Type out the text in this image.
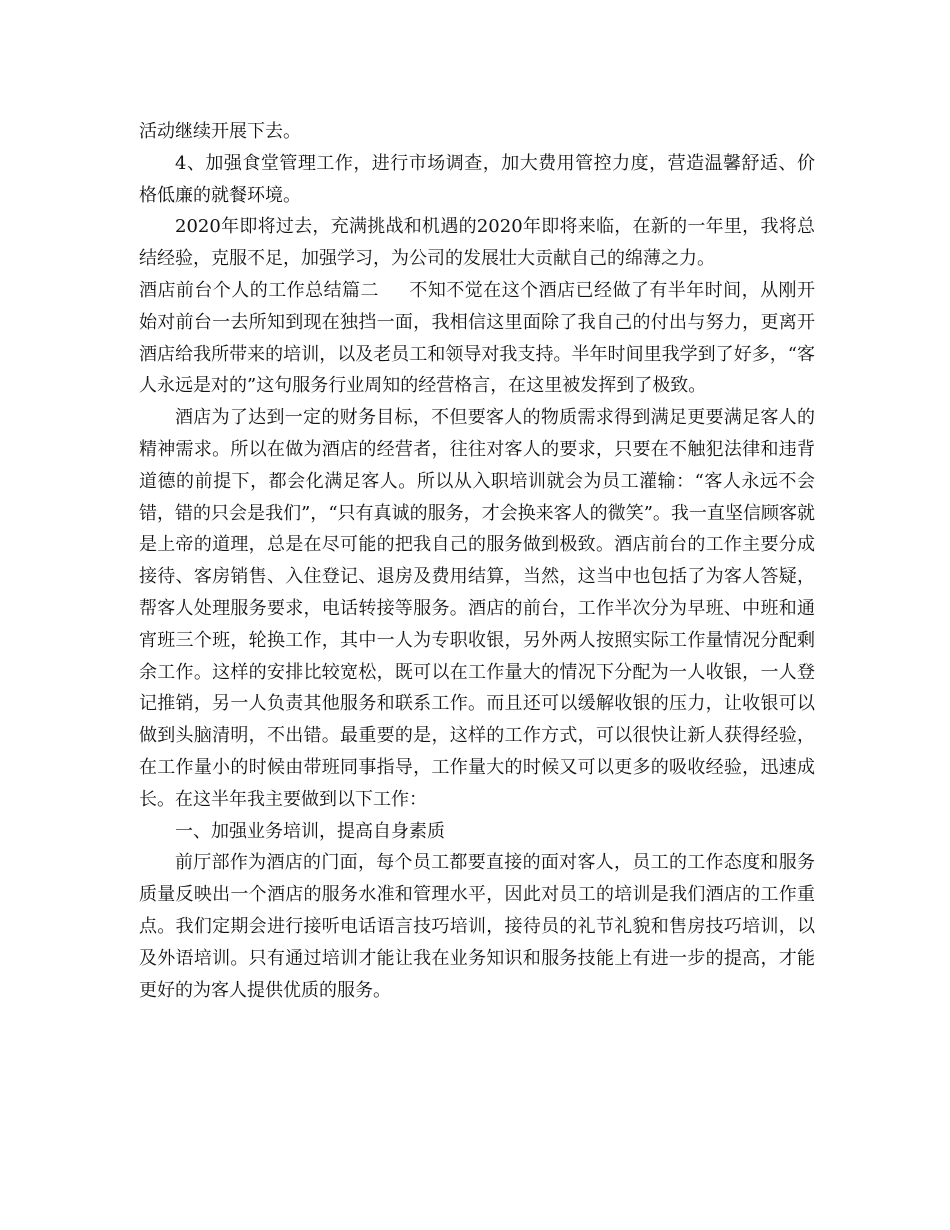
活动继续开展下去。

4、加强食堂管理工作，进行市场调查，加大费用管控力度，营造温馨舒适、价格低廉的就餐环境。

2020年即将过去，充满挑战和机遇的2020年即将来临，在新的一年里，我将总结经验，克服不足，加强学习，为公司的发展壮大贡献自己的绵薄之力。

酒店前台个人的工作总结篇二 不知不觉在这个酒店已经做了有半年时间，从刚开始对前台一去所知到现在独挡一面，我相信这里面除了我自己的付出与努力，更离开酒店给我所带来的培训，以及老员工和领导对我支持。半年时间里我学到了好多，“客人永远是对的”这句服务行业周知的经营格言，在这里被发挥到了极致。

酒店为了达到一定的财务目标，不但要客人的物质需求得到满足更要满足客人的精神需求。所以在做为酒店的经营者，往往对客人的要求，只要在不触犯法律和违背道德的前提下，都会化满足客人。所以从入职培训就会为员工灌输：“客人永远不会错，错的只会是我们”，“只有真诚的服务，才会换来客人的微笑”。我一直坚信顾客就是上帝的道理，总是在尽可能的把我自己的服务做到极致。酒店前台的工作主要分成接待、客房销售、入住登记、退房及费用结算，当然，这当中也包括了为客人答疑，帮客人处理服务要求，电话转接等服务。酒店的前台，工作半次分为早班、中班和通宵班三个班，轮换工作，其中一人为专职收银，另外两人按照实际工作量情况分配剩余工作。这样的安排比较宽松，既可以在工作量大的情况下分配为一人收银，一人登记推销，另一人负责其他服务和联系工作。而且还可以缓解收银的压力，让收银可以做到头脑清明，不出错。最重要的是，这样的工作方式，可以很快让新人获得经验，在工作量小的时候由带班同事指导，工作量大的时候又可以更多的吸收经验，迅速成长。在这半年我主要做到以下工作：

一、加强业务培训，提高自身素质

前厅部作为酒店的门面，每个员工都要直接的面对客人，员工的工作态度和服务质量反映出一个酒店的服务水准和管理水平，因此对员工的培训是我们酒店的工作重点。我们定期会进行接听电话语言技巧培训，接待员的礼节礼貌和售房技巧培训，以及外语培训。只有通过培训才能让我在业务知识和服务技能上有进一步的提高，才能更好的为客人提供优质的服务。
